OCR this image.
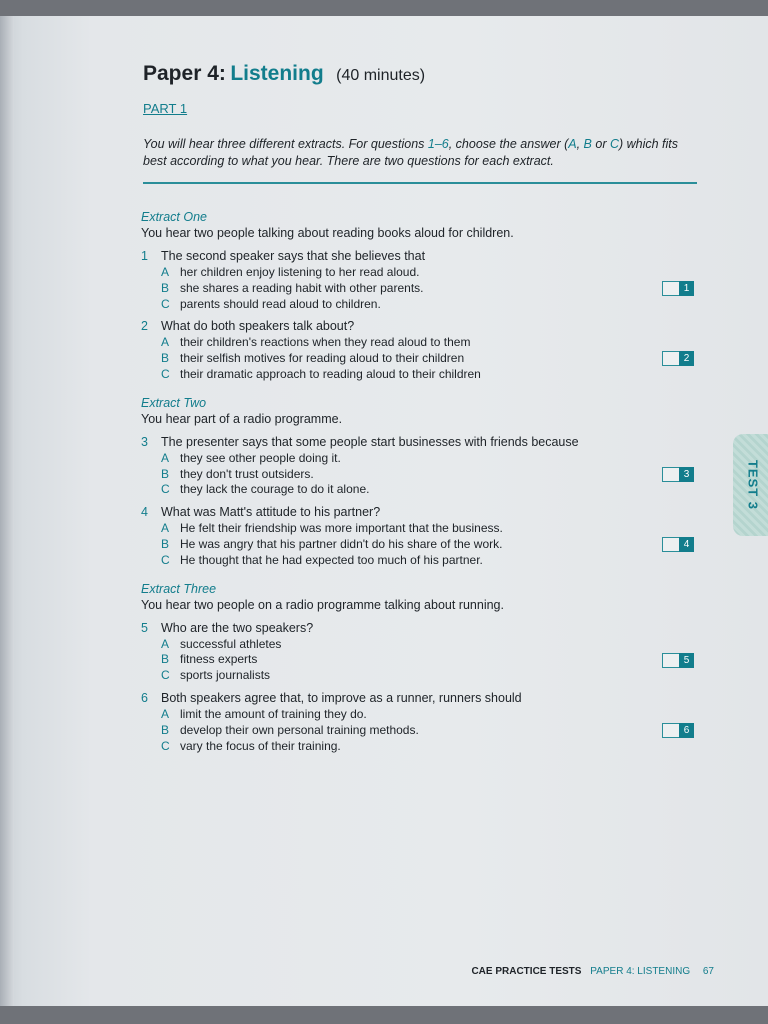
Paper 4: Listening (40 minutes)
PART 1
You will hear three different extracts. For questions 1–6, choose the answer (A, B or C) which fits best according to what you hear. There are two questions for each extract.
Extract One
You hear two people talking about reading books aloud for children.
1 The second speaker says that she believes that
A her children enjoy listening to her read aloud.
B she shares a reading habit with other parents.
C parents should read aloud to children.
1
2 What do both speakers talk about?
A their children's reactions when they read aloud to them
B their selfish motives for reading aloud to their children
C their dramatic approach to reading aloud to their children
2
Extract Two
You hear part of a radio programme.
3 The presenter says that some people start businesses with friends because
A they see other people doing it.
B they don't trust outsiders.
C they lack the courage to do it alone.
3
4 What was Matt's attitude to his partner?
A He felt their friendship was more important that the business.
B He was angry that his partner didn't do his share of the work.
C He thought that he had expected too much of his partner.
4
Extract Three
You hear two people on a radio programme talking about running.
5 Who are the two speakers?
A successful athletes
B fitness experts
C sports journalists
5
6 Both speakers agree that, to improve as a runner, runners should
A limit the amount of training they do.
B develop their own personal training methods.
C vary the focus of their training.
6
TEST 3
CAE PRACTICE TESTS PAPER 4: LISTENING 67
